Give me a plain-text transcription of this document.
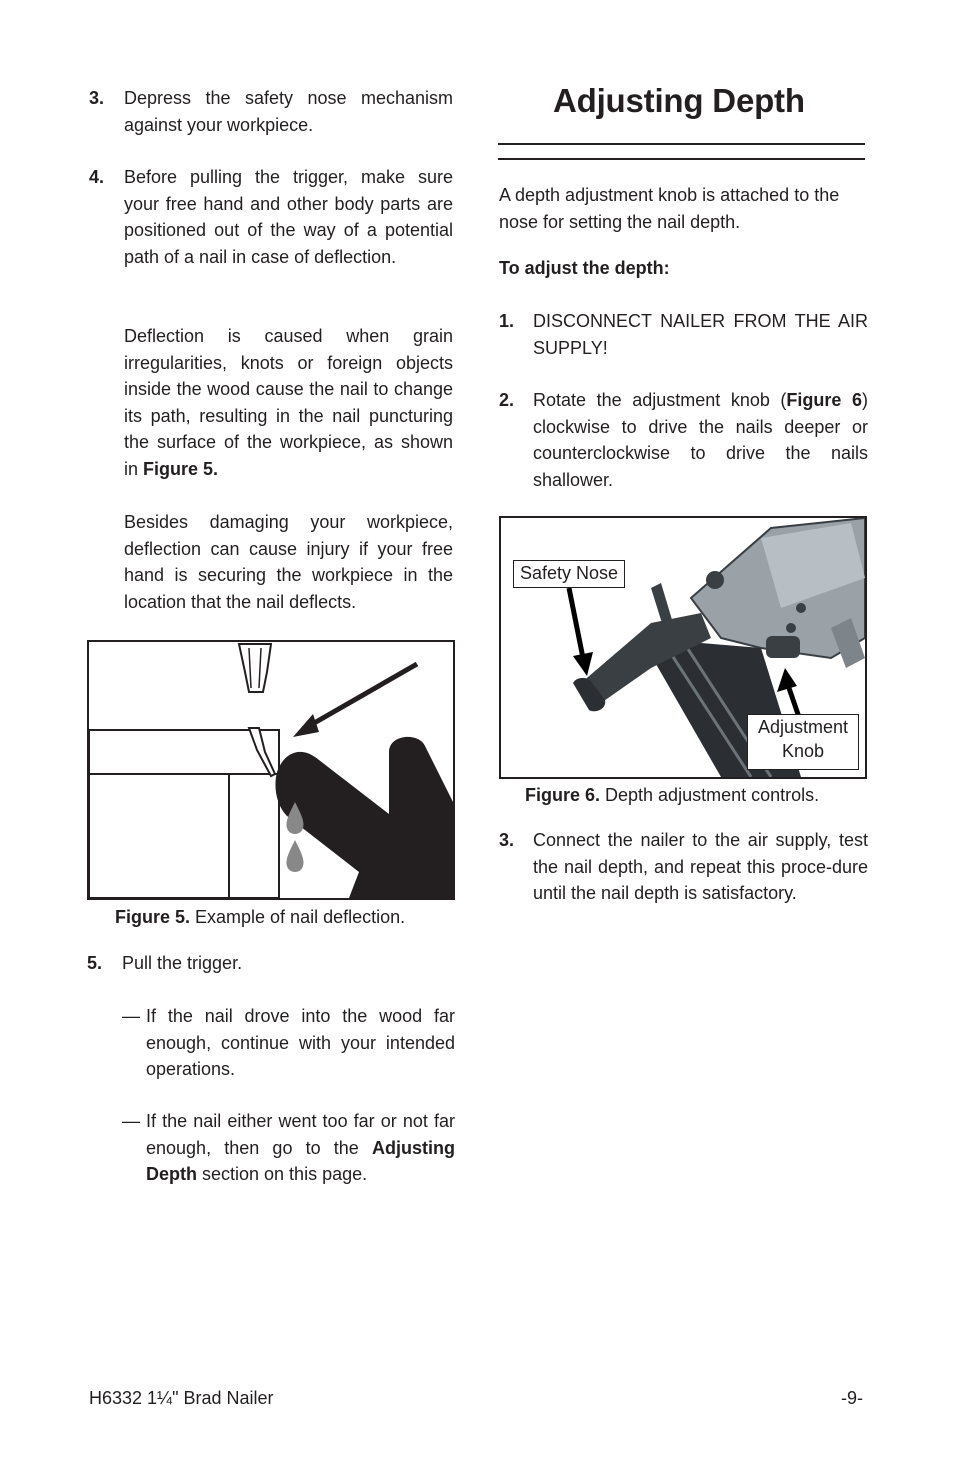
3. Depress the safety nose mechanism against your workpiece.
4. Before pulling the trigger, make sure your free hand and other body parts are positioned out of the way of a potential path of a nail in case of deflection.
Deflection is caused when grain irregularities, knots or foreign objects inside the wood cause the nail to change its path, resulting in the nail puncturing the surface of the workpiece, as shown in Figure 5.
Besides damaging your workpiece, deflection can cause injury if your free hand is securing the workpiece in the location that the nail deflects.
Figure 5. Example of nail deflection.
5. Pull the trigger.
— If the nail drove into the wood far enough, continue with your intended operations.
— If the nail either went too far or not far enough, then go to the Adjusting Depth section on this page.
Adjusting Depth
A depth adjustment knob is attached to the nose for setting the nail depth.
To adjust the depth:
1. DISCONNECT NAILER FROM THE AIR SUPPLY!
2. Rotate the adjustment knob (Figure 6) clockwise to drive the nails deeper or counterclockwise to drive the nails shallower.
Safety Nose
Adjustment
Knob
Figure 6. Depth adjustment controls.
3. Connect the nailer to the air supply, test the nail depth, and repeat this proce-dure until the nail depth is satisfactory.
H6332 1¼" Brad Nailer	-9-
